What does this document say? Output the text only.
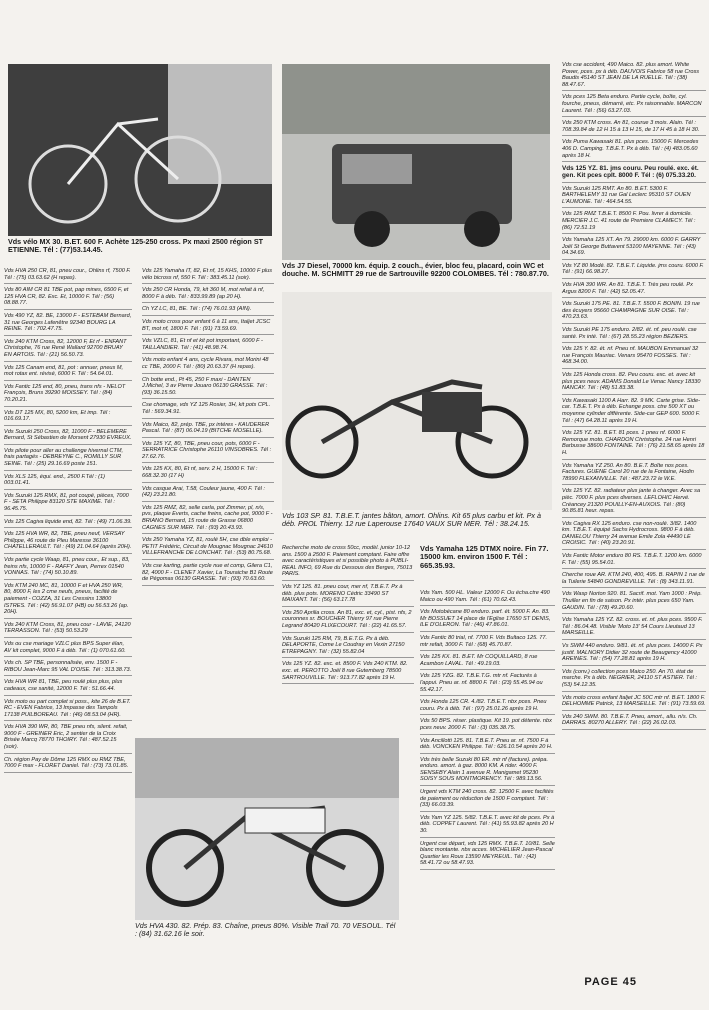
Vds vélo MX 30. B.ET. 600 F. Achète 125-250 cross. Px maxi 2500 région ST ETIENNE. Tél : (77)53.14.45.
Vds J7 Diesel, 70000 km. équip. 2 couch., évier, bloc feu, placard, coin WC et douche. M. SCHMITT 29 rue de Sartrouville 92200 COLOMBES. Tél : 780.87.70.
Vds 103 SP. 81. T.B.E.T. jantes bâton, amort. Ohlins. Kit 65 plus carbu et kit. Px à déb. PROL Thierry. 12 rue Laperouse 17640 VAUX SUR MER. Tél : 38.24.15.
Vds HVA 430. 82. Prép. 83. Chaîne, pneus 80%. Visible Trail 70. 70 VESOUL. Tél : (84) 31.62.16 le soir.
Vds Yamaha 125 DTMX noire. Fin 77. 15000 km. environ 1500 F. Tél : 665.35.93.
Vds HVA 250 CR, 81, pneu cour., Ohlins rf, 7500 F. Tél : (75) 03.63.62 (H repas).
Vds 80 AIM CR 81 TBE pot, pap mines, 6500 F, et 125 HVA CR, 82. Exc. Et, 10000 F. Tél : (56) 08.88.77.
Vds 490 YZ, 82. BE, 13000 F - ESTEBAM Bernard, 31 rue Georges Lafenêtre 92340 BOURG LA REINE. Tél : 702.47.75.
Vds 240 KTM Cross, 82, 12000 F, Et rf - ENFANT Christophe, 76 rue René Wallard 92700 BRUAY EN ARTOIS. Tél : (21) 56.50.73.
Vds 125 Canam end, 81, pot : annuer, pneus M, mot rotax ent. révisé, 6000 F. Tél : 54.64.01.
Vds Fantic 125 end, 80, pneu, trans nfs - NELOT François, Bruns 39290 MOISSEY. Tél : (84) 70.20.21.
Vds DT 125 MX, 80, 5200 km, Et imp. Tél : 016.69.17.
Vds Suzuki 250 Cross, 82, 11000 F - BELEMERE Bernard, St Sébastien de Morsent 27930 EVREUX.
Vds pilote pour aller au challenge hivernal CTM, frais partagés - DEBREYNE C., ROMILLY SUR SEINE. Tél : (25) 29.16.69 poste 151.
Vds XLS 125, équi. end., 2500 F.Tél : (1) 003.01.41.
Vds Suzuki 125 RMX, 81, pot coupé, pièces, 7000 F - SETA Philippe 83120 STE MAXIME. Tél : 96.45.75.
Vds 125 Cagiva liquide end, 82. Tél : (49) 71.06.39.
Vds 125 HVA WR, 82, TBE, pneu neuf, VERSAY Philippe, 46 route de Pleu Maresse 36100 CHATELLERAULT. Tél : (49) 21.04.64 (après 20H).
Vds partie cycle Waap, 81, pneu cour., Et sup., 83, freins nfs, 10000 F - RAFFY Jean, Perrex 01540 VONNAS. Tél : (74) 50.10.89.
Vds KTM 240 MC, 81, 10000 F et HVA 250 WR, 80, 8000 F, les 2 cme neufs, pneus, facilité de paiement - COZZA, 31 Les Cressins 13800 ISTRES. Tél : (42) 56.91.07 (HB) ou 56.53.26 (ap. 20H).
Vds 240 KTM Cross, 81, pneu cour - LAVIE, 24120 TERRASSON. Tél : (53) 50.53.29
Vds ou cse mariage VZLC plus BPS Super élan, AV kit complet, 9000 F à déb. Tél : (1) 070.61.60.
Vds ch. SP TBE, personnalisée, env. 1500 F - RIBOU Jean-Marc 95 VAL D'OISE. Tél : 313.38.73.
Vds HVA WR 81, TBE, peu roulé plus plus, plus cadeaux, cse sanité, 12000 F. Tél : 51.66.44.
Vds moto ou part complet si poss., kite 26 de B.ET. RC - EVEN Fabrice, 13 Impasse des Tampols 17138 PUILBOREAU. Tél : (46) 08.53.04 (HR).
Vds HVA 390 WR, 80, TBE pneu nfs, silent. refait, 9000 F - GREINER Eric, 2 sentier de la Croix Brisée Marcq 78770 THOIRY. Tél : 487.52.15 (soir).
Ch. région Pay de Dôme 125 RMX ou RMZ TBE, 7000 F max - FLORET Daniel. Tél : (73) 73.01.85.
Vds 125 Yamaha IT, 82, Et nf, 15 KHS, 10000 F plus vélo bicross nf, 550 F. Tél : 383.45.11 (soir).
Vds 250 CR Honda, 79, kit 360 M, mot refait à nf, 8000 F à déb. Tél : 833.99.89 (ap 20 H).
Ch YZ LC, 81, BE. Tél : (74) 76.01.93 (AIN).
Vds moto cross pour enfant 6 à 11 ans, Italjet JCSC BT, mot nf, 1800 F. Tél : (91) 73.59.69.
Vds VZLC, 81, Et nf et kit pot important, 6000 F - TAILLANDIER. Tél : (41) 48.98.74.
Vds moto enfant 4 ans, cycle Rivara, mot Morini 48 cc TBE, 2000 F. Tél : (80) 20.63.37 (H repas).
Ch botte end., Pt 45, 250 F maxi - DANTEN J.Michel, 3 av Pierre Jouaro 06130 GRASSE. Tél : (93) 36.15.50.
Cse chomage, vds YZ 125 Rosier, 3H, kit pots CPL. Tél : 569.34.91.
Vds Maico, 82, prép. TBE, px intéres - KAUDERER Pascal. Tél : (87) 06.04.19 (BITCHE MOSELLE).
Vds 125 YZ, 80, TBE, pneu cour, pots, 6000 F - SERRATRICE Christophe 26110 VINSOBRES. Tél : 27.62.76.
Vds 125 KX, 80, Et nf, serv. 2 H, 15000 F. Tél : 668.32.30 (17 H)
Vds casque Arai, T.58, Couleur jaune, 400 F. Tél : (42) 23.21.80.
Vds 125 RMZ, 82, selle carla, pot Zimmer, pl, n/s, pvs, plaque Everts, cache freins, cache pot, 9000 F - BRIANO Bernard, 15 route de Grasse 06800 CAGNES SUR MER. Tél : (93) 20.43.93.
Vds 250 Yamaha YZ, 81, roulé 5H, cse dble emploi - PETIT Frédéric, Circuit de Mougnac Mougnac 24610 VILLEFRANCHE DE LONCHAT. Tél : (53) 80.75.68.
Vds cse karting, partie cycle nue et comp, Gilera C1, 82, 4000 F - CLENET Xavier, La Touraiche B1 Route de Pégomas 06130 GRASSE. Tél : (93) 70.63.60.
Recherche moto de cross 50cc, modèl. junior 10-12 ans. 1500 à 2500 F. Paiement comptant. Faire offre avec caractéristiques et si possible photo à PUBLI-REAL INFO, 69 Rue du Dessous des Berges, 75013 PARIS.
Vds YZ 125. 81. pneu cour, mer nf, T.B.E.T. Px à déb. plus pots. MORENO Cédric 33490 ST MAIXANT. Tél : (56) 63.17.78
Vds 250 Aprilia cross. An 81, exc. et, cyl., pist. nfs, 2 couronnes sr. BOUCHER Thierry 97 rue Pierre Legrand 80420 FLIXECOURT. Tél : (22) 41.65.57.
Vds Suzuki 125 RM, 79, B.E.T.G. Px à déb. DELAPORTE, Come Le Coudray en Vexin 27150 ETREPAGNY. Tél : (32) 55.82.04
Vds 125 YZ. 82. exc. et. 8500 F. Vds 240 KTM. 82. exc. et. PEROTTO Joël 8 rue Gutemberg 78500 SARTROUVILLE. Tél : 913.77.82 après 19 H.
Vds Yam. 500 HL. Valeur 12000 F. Ou écha.ctre 490 Maico ou 490 Yam. Tél : (61) 70.62.43.
Vds Motobécane 80 enduro. parf. ét. 5000 F. An. 83. Mr BOSSUET 14 place de l'Eglise 17650 ST DENIS, ILE D'OLERON. Tél : (46) 47.86.01.
Vds Fantic 80 trial, nf. 7700 F. Vds Bultaco 125. 77. mtr refait, 3000 F. Tél : (68) 45.70.87.
Vds 125 KX. 81. B.ET. Mr COQUILLARD, 8 rue Acambon LAVAL. Tél : 49.19.03.
Vds 125 YZG. 82. T.B.E.T.G. mtr nf. Facturés à l'appui. Pneu ar. nf. 8800 F. Tél : (23) 55.45.94 ou 55.42.17.
Vds Honda 125 CR. 4./82. T.B.E.T. nbx pces. Pneu couru. Px à déb. Tél : (97) 25.01.26 après 19 H.
Vds 50 BPS. réser. plastique. Kit 19. pot détente. nbx pces neuv. 2000 F. Tél : (3) 035.38.75.
Vds Ancillotti 125. 81. T.B.E.T. Pneu ar. nf. 7500 F à déb. VONCKEN Philippe. Tél : 626.10.54 après 20 H.
Vds très belle Suzuki 80 ER. mtr nf (facture). prépa. enduro. amort. à gaz. 8000 KM. A rider. 4000 F. SENSEBY Alain 1 avenue R. Manigamet 95230 SOISY SOUS MONTMORENCY. Tél : 989.13.56.
Urgent vds KTM 240 cross. 82. 12500 F. avec facilités de paiement ou réduction de 1500 F comptant. Tél : (33) 66.03.39.
Vds Yam YZ 125. 5/82. T.B.E.T. avec kit de pces. Px à déb. COPPET Laurent. Tél : (41) 55.93.82 après 20 H 30.
Urgent cse départ, vds 125 RMX. T.B.E.T. 10/81. Selle blanc montante. nbx acces. MICHELIER Jean-Pascal Quartier les Rous 13590 MEYREUIL. Tél : (42) 58.41.72 ou 58.47.93.
Vds cse accident, 490 Maico. 82. plus amort. White Power, pces. px à déb. DAUVOIS Fabrice 58 rue Cross Baudis 45140 ST JEAN DE LA RUELLE. Tél : (38) 88.47.67.
Vds pces 125 Beta enduro. Partie cycle, boîte, cyl. fourche, pneus, démarré, etc. Px raisonnable. MARCON Laurent. Tél : (56) 63.27.03.
Vds 250 KTM cross. An 81, courue 3 mois. Alain. Tél : 708.39.84 de 12 H 15 à 13 H 15, de 17 H 45 à 18 H 30.
Vds Puma Kawasaki 81. plus pces. 15000 F. Mercedes 406 D. Camping. T.B.E.T. Px à déb. Tél : (4) 483.05.60 après 18 H.
Vds 125 YZ. 81. jms couru. Peu roulé. exc. ét. gen. Kit pces cplt. 8000 F. Tél : (6) 075.33.20.
Vds Suzuki 125 RMT. An 80. B.ET. 5300 F. BARTHELEMY 31 rue Gal Leclerc 95310 ST OUEN L'AUMONE. Tél : 464.54.55.
Vds 125 RMZ T.B.E.T. 8500 F. Pou. livrer à domicile. MERCIER J.C. 41 route de Premiere CLAMECY. Tél : (86) 72.51.19
Vds Yamaha 125 XT. An 79. 29000 km. 6000 F. GARRY Joël St George Buttavent 53100 MAYENNE. Tél : (43) 04.34.69.
Vds YZ 80 Modé. 82. T.B.E.T. Liquide. jms couru. 6000 F. Tél : (91) 66.98.27.
Vds HVA 390 WR. An 81. T.B.E.T. Très peu roulé. Px Argus 8200 F. Tél : (42) 52.05.47.
Vds Suzuki 175 PE. 81. T.B.E.T. 5500 F. BONIN. 19 rue des écuyers 95660 CHAMPAGNE SUR OISE. Tél : 470.23.63.
Vds Suzuki PE 175 enduro. 2/82. ét. nf. peu roulé. cse santé. Px inté. Tél : (67) 28.55.23 région BEZIERS.
Vds 125 Y. 82. ét. nf. Pneu nf. MAUBON Emmanuel 32 rue François Mauriac. Venars 95470 FOSSES. Tél : 468.34.00.
Vds 125 Honda cross. 82. Peu couru. exc. et. avec kit plus pces neuv. ADAMS Donald Le Venac Nancy 18330 NANCAY. Tél : (48) 51.83.38.
Vds Kawasaki 1100 A Harr. 82. 9 MK. Carte grise. Side-car. T.B.E.T. Px à déb. Echange poss. ctre 500 XT ou moyenne cylinder différente. Side-car GEP 600. 5000 F. Tél : (47) 64.28.11 après 19 H.
Vds 125 YZ. 81. B.ET. 81 pces. 1 pneu nf. 6000 F. Remorque moto. CHARDON Christophe. 24 rue Henri Barbusse 38600 FONTAINE. Tél : (76) 21.58.65 après 18 H.
Vds Yamaha YZ 250. An 80. B.E.T. Boîte nos pces. Factures. GUENE Carol 20 rue de la Fontaine, Hodin 78990 FLEXANVILLE. Tél : 487.23.72 le W.E.
Vds 125 YZ. 82. radiateur plus jante à changer. Avec sa pièc. 7000 F. plus pces diverses. LEFLOHIC Hervé. Créancey 21320 POUILLY-EN-AUXOIS. Tél : (80) 90.85.81 heur. repas.
Vds Cagiva RX 125 enduro. cse non-roulé. 3/82. 1400 km. T.B.E.T. équipé Sachs Hydrocross. 9800 F à déb. DANIELOU Thierry 24 avenue Emile Zola 44490 LE CROISIC. Tél : (40) 23.20.91.
Vds Fantic Motor enduro 80 RS. T.B.E.T. 1200 km. 6000 F. Tél : (55) 95.54.01.
Cherche roue AR. KTM 240, 400, 495. B. RAPIN 1 rue de la Tuilerie 54840 GONDREVILLE. Tél : (8) 343.11.91.
Vds Wasp Norton 920. 81. Sacrif. mot. Yam 1000 : Prép. Thuiller en fin de saison. Px intér. plus pces 650 Yam. GAUDIN. Tél : (78) 49.20.60.
Vds Yamaha 125 YZ. 82. cross. et. nf. plus pces. 9500 F. Tél : 86.04.48. Visible 'Moto 13' 54 Cours Lieutaud 13 MARSEILLE.
Vs SWM 440 enduro. 9/81. ét. nf. plus pces. 14000 F. Px justif. MALNORY Didier 32 route de Beaugency 41000 AREINES. Tél : (54) 77.28.81 après 19 H.
Vds (conv.) collection pces Maico 250. An 70. état de marche. Px à déb. NEGRIER, 24110 ST ASTIER. Tél : (53) 54.12.35.
Vds moto cross enfant Italjet JC 50C mtr nf. B.ET. 1800 F. DELHOMME Patrick, 13 MARSEILLE. Tél : (91) 73.59.69.
Vds 240 SWM. 80. T.B.E.T. Pneu, amort., allu. n/s. Ch. DARRAS. 80270 ALLERY. Tél : (22) 26.02.03.
PAGE 45
